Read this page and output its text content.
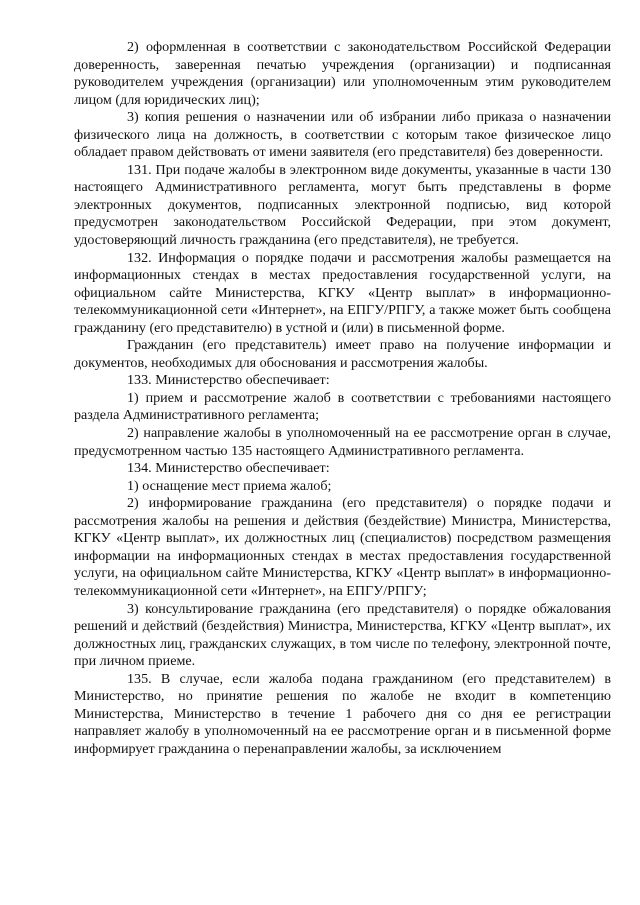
2) оформленная в соответствии с законодательством Российской Федерации доверенность, заверенная печатью учреждения (организации) и подписанная руководителем учреждения (организации) или уполномоченным этим руководителем лицом (для юридических лиц);

3) копия решения о назначении или об избрании либо приказа о назначении физического лица на должность, в соответствии с которым такое физическое лицо обладает правом действовать от имени заявителя (его представителя) без доверенности.

131. При подаче жалобы в электронном виде документы, указанные в части 130 настоящего Административного регламента, могут быть представлены в форме электронных документов, подписанных электронной подписью, вид которой предусмотрен законодательством Российской Федерации, при этом документ, удостоверяющий личность гражданина (его представителя), не требуется.

132. Информация о порядке подачи и рассмотрения жалобы размещается на информационных стендах в местах предоставления государственной услуги, на официальном сайте Министерства, КГКУ «Центр выплат» в информационно-телекоммуникационной сети «Интернет», на ЕПГУ/РПГУ, а также может быть сообщена гражданину (его представителю) в устной и (или) в письменной форме.

Гражданин (его представитель) имеет право на получение информации и документов, необходимых для обоснования и рассмотрения жалобы.

133. Министерство обеспечивает:

1) прием и рассмотрение жалоб в соответствии с требованиями настоящего раздела Административного регламента;

2) направление жалобы в уполномоченный на ее рассмотрение орган в случае, предусмотренном частью 135 настоящего Административного регламента.

134. Министерство обеспечивает:

1) оснащение мест приема жалоб;

2) информирование гражданина (его представителя) о порядке подачи и рассмотрения жалобы на решения и действия (бездействие) Министра, Министерства, КГКУ «Центр выплат», их должностных лиц (специалистов) посредством размещения информации на информационных стендах в местах предоставления государственной услуги, на официальном сайте Министерства, КГКУ «Центр выплат» в информационно-телекоммуникационной сети «Интернет», на ЕПГУ/РПГУ;

3) консультирование гражданина (его представителя) о порядке обжалования решений и действий (бездействия) Министра, Министерства, КГКУ «Центр выплат», их должностных лиц, гражданских служащих, в том числе по телефону, электронной почте, при личном приеме.

135. В случае, если жалоба подана гражданином (его представителем) в Министерство, но принятие решения по жалобе не входит в компетенцию Министерства, Министерство в течение 1 рабочего дня со дня ее регистрации направляет жалобу в уполномоченный на ее рассмотрение орган и в письменной форме информирует гражданина о перенаправлении жалобы, за исключением
